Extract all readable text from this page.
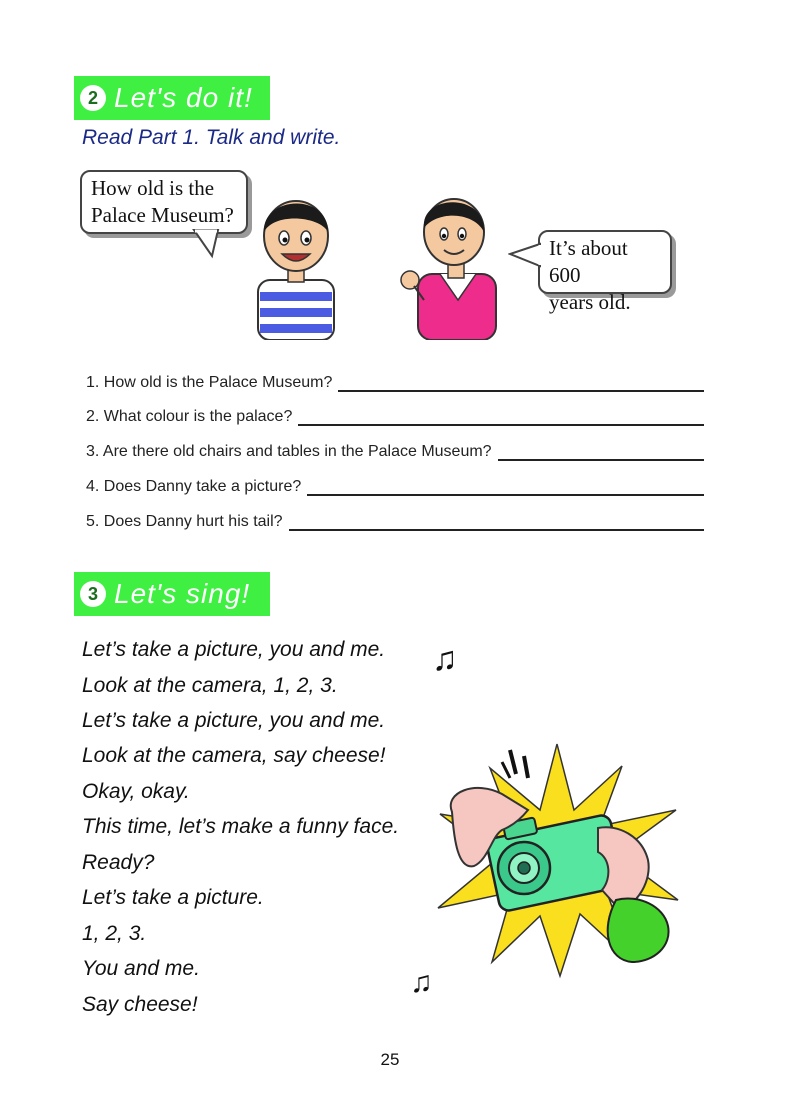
2 Let's do it!
Read Part 1. Talk and write.
How old is the
Palace Museum?
It’s about 600
years old.
1. How old is the Palace Museum?
2. What colour is the palace?
3. Are there old chairs and tables in the Palace Museum?
4. Does Danny take a picture?
5. Does Danny hurt his tail?
3 Let's sing!
Let’s take a picture, you and me.
Look at the camera, 1, 2, 3.
Let’s take a picture, you and me.
Look at the camera, say cheese!
Okay, okay.
This time, let’s make a funny face.
Ready?
Let’s take a picture.
1, 2, 3.
You and me.
Say cheese!
♫
♫
25
